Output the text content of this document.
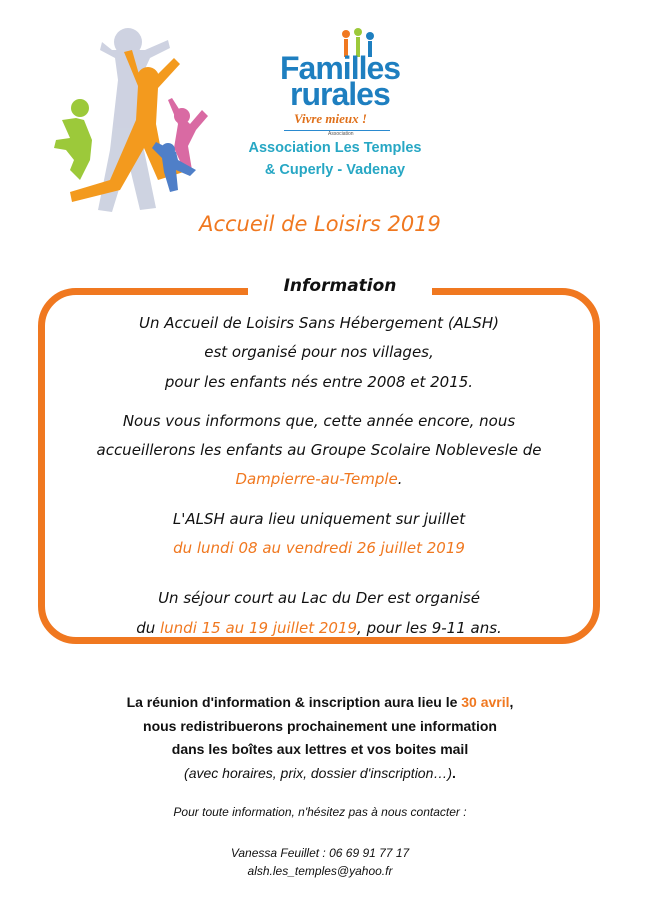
Familles
rurales
Vivre mieux !
Association
Association Les Temples
& Cuperly - Vadenay
Accueil de Loisirs 2019
Information
Un Accueil de Loisirs Sans Hébergement (ALSH)
est organisé pour nos villages,
pour les enfants nés entre 2008 et 2015.
Nous vous informons que, cette année encore, nous
accueillerons les enfants au Groupe Scolaire Noblevesle de
Dampierre-au-Temple.
L'ALSH aura lieu uniquement sur juillet
du lundi 08 au vendredi 26 juillet 2019
Un séjour court au Lac du Der est organisé
du lundi 15 au 19 juillet 2019, pour les 9-11 ans.
La réunion d'information & inscription aura lieu le 30 avril,
nous redistribuerons prochainement une information
dans les boîtes aux lettres et vos boites mail
(avec horaires, prix, dossier d'inscription…).
Pour toute information, n'hésitez pas à nous contacter :
Vanessa Feuillet : 06 69 91 77 17
alsh.les_temples@yahoo.fr
